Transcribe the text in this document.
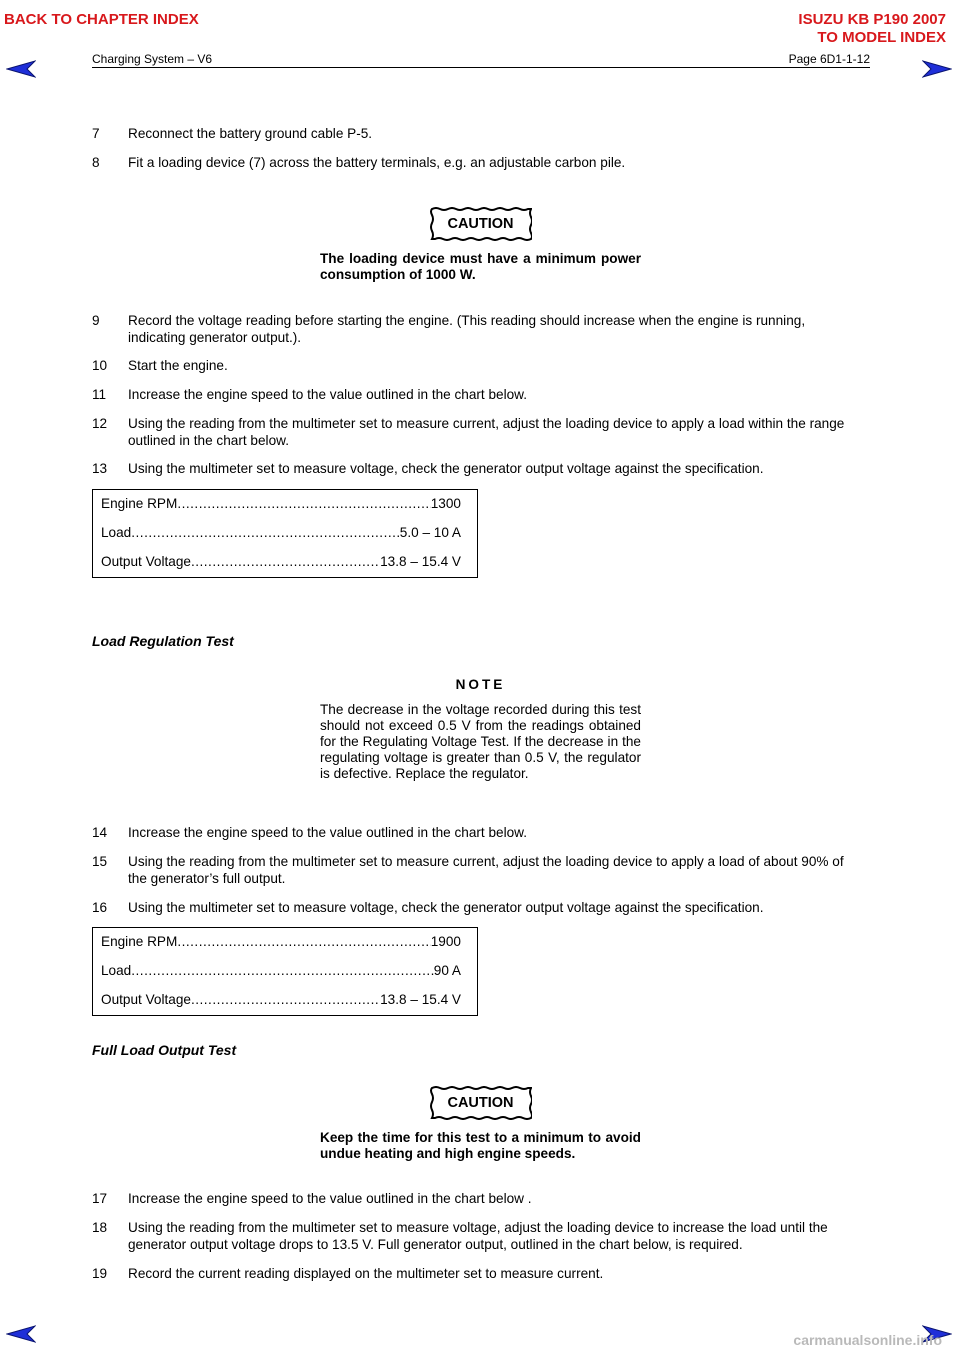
BACK TO CHAPTER INDEX	ISUZU KB P190 2007
TO MODEL INDEX
Charging System – V6	Page 6D1-1-12
7	Reconnect the battery ground cable P-5.
8	Fit a loading device (7) across the battery terminals, e.g. an adjustable carbon pile.
CAUTION
The loading device must have a minimum power consumption of 1000 W.
9	Record the voltage reading before starting the engine. (This reading should increase when the engine is running, indicating generator output.).
10	Start the engine.
11	Increase the engine speed to the value outlined in the chart below.
12	Using the reading from the multimeter set to measure current, adjust the loading device to apply a load within the range outlined in the chart below.
13	Using the multimeter set to measure voltage, check the generator output voltage against the specification.
Engine RPM .....	1300
Load .....	5.0 – 10 A
Output Voltage .....	13.8 – 15.4 V
Load Regulation Test
NOTE
The decrease in the voltage recorded during this test should not exceed 0.5 V from the readings obtained for the Regulating Voltage Test. If the decrease in the regulating voltage is greater than 0.5 V, the regulator is defective. Replace the regulator.
14	Increase the engine speed to the value outlined in the chart below.
15	Using the reading from the multimeter set to measure current, adjust the loading device to apply a load of about 90% of the generator’s full output.
16	Using the multimeter set to measure voltage, check the generator output voltage against the specification.
Engine RPM .....	1900
Load .....	90 A
Output Voltage .....	13.8 – 15.4 V
Full Load Output Test
CAUTION
Keep the time for this test to a minimum to avoid undue heating and high engine speeds.
17	Increase the engine speed to the value outlined in the chart below .
18	Using the reading from the multimeter set to measure voltage, adjust the loading device to increase the load until the generator output voltage drops to 13.5 V. Full generator output, outlined in the chart below, is required.
19	Record the current reading displayed on the multimeter set to measure current.
carmanualsonline.info
